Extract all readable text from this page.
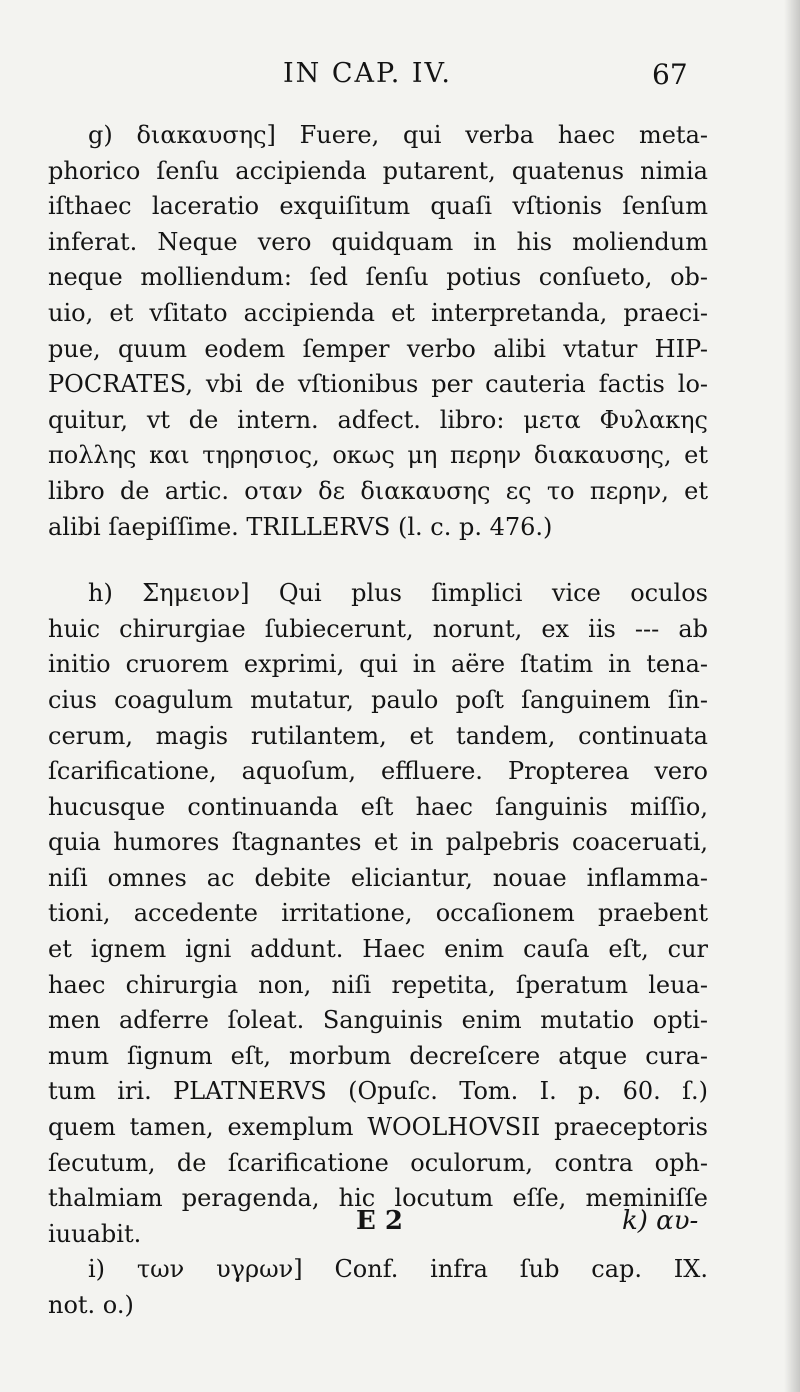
IN CAP. IV.	67
g) διακαυσης] Fuere, qui verba haec meta-
phorico ſenſu accipienda putarent, quatenus nimia
iſthaec laceratio exquiſitum quaſi vſtionis ſenſum
inferat. Neque vero quidquam in his moliendum
neque molliendum: ſed ſenſu potius conſueto, ob-
uio, et vſitato accipienda et interpretanda, praeci-
pue, quum eodem ſemper verbo alibi vtatur HIP-
POCRATES, vbi de vſtionibus per cauteria factis lo-
quitur, vt de intern. adfect. libro: μετα Φυλακης
πολλης και τηρησιος, οκως μη περην διακαυσης, et
libro de artic. οταν δε διακαυσης ες το περην, et
alibi ſaepiſſime. TRILLERVS (l. c. p. 476.)
h) Σημειον] Qui plus ſimplici vice oculos
huic chirurgiae ſubiecerunt, norunt, ex iis --- ab
initio cruorem exprimi, qui in aëre ſtatim in tena-
cius coagulum mutatur, paulo poſt ſanguinem ſin-
cerum, magis rutilantem, et tandem, continuata
ſcarificatione, aquoſum, effluere. Propterea vero
hucusque continuanda eſt haec ſanguinis miſſio,
quia humores ſtagnantes et in palpebris coaceruati,
niſi omnes ac debite eliciantur, nouae inflamma-
tioni, accedente irritatione, occaſionem praebent
et ignem igni addunt. Haec enim cauſa eſt, cur
haec chirurgia non, niſi repetita, ſperatum leua-
men adferre ſoleat. Sanguinis enim mutatio opti-
mum ſignum eſt, morbum decreſcere atque cura-
tum iri. PLATNERVS (Opuſc. Tom. I. p. 60. ſ.)
quem tamen, exemplum WOOLHOVSII praeceptoris
ſecutum, de ſcarificatione oculorum, contra oph-
thalmiam peragenda, hic locutum eſſe, meminiſſe
iuuabit.
i) των υγρων] Conf. infra ſub cap. IX.
not. o.)
E 2	k) αυ-
